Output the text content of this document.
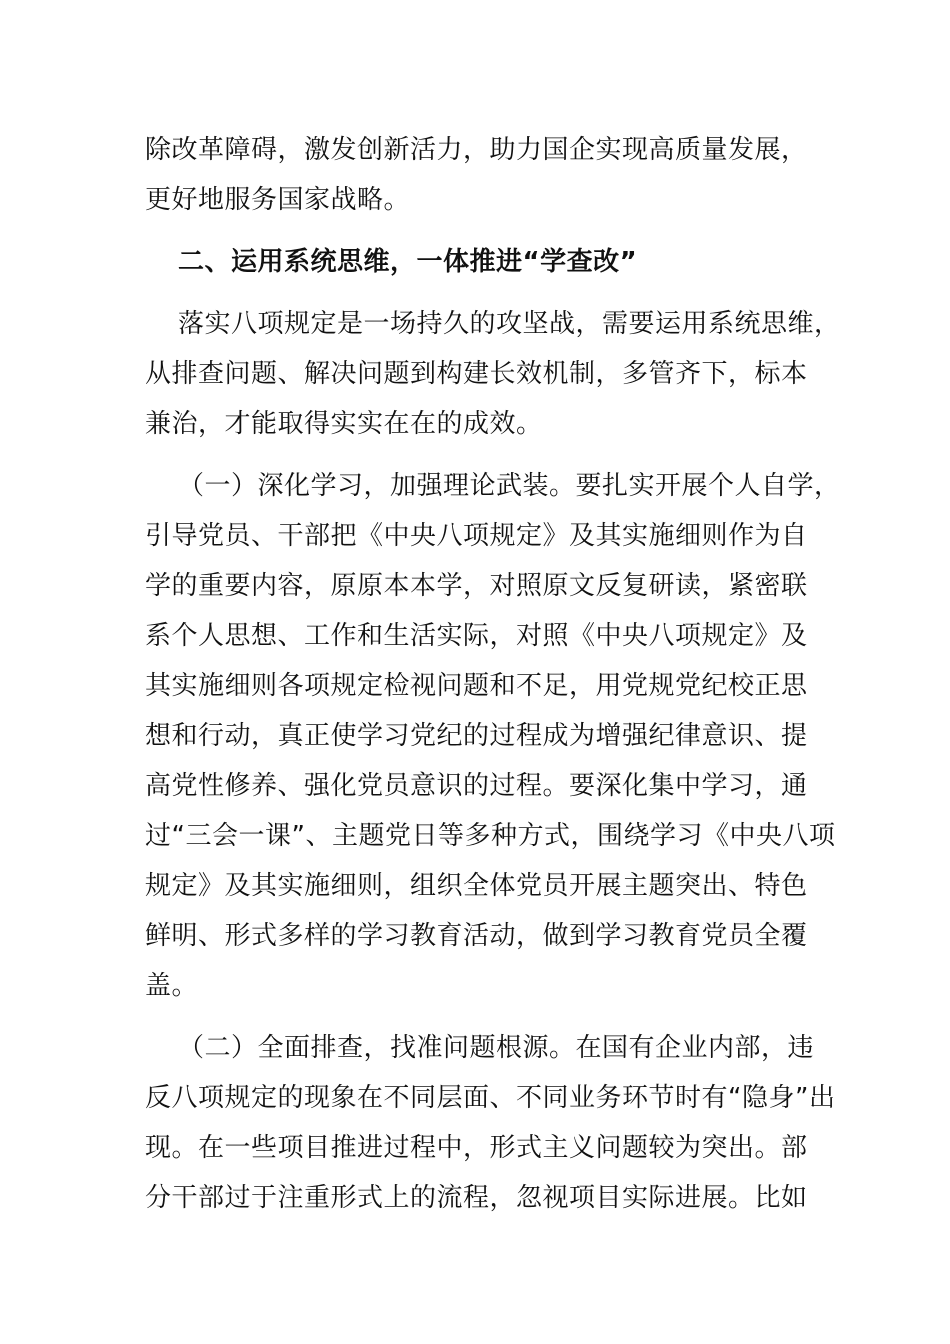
除改革障碍，激发创新活力，助力国企实现高质量发展，
更好地服务国家战略。
二、运用系统思维，一体推进“学查改”
落实八项规定是一场持久的攻坚战，需要运用系统思维，
从排查问题、解决问题到构建长效机制，多管齐下，标本
兼治，才能取得实实在在的成效。
（一）深化学习，加强理论武装。要扎实开展个人自学，
引导党员、干部把《中央八项规定》及其实施细则作为自
学的重要内容，原原本本学，对照原文反复研读，紧密联
系个人思想、工作和生活实际，对照《中央八项规定》及
其实施细则各项规定检视问题和不足，用党规党纪校正思
想和行动，真正使学习党纪的过程成为增强纪律意识、提
高党性修养、强化党员意识的过程。要深化集中学习，通
过“三会一课”、主题党日等多种方式，围绕学习《中央八项
规定》及其实施细则，组织全体党员开展主题突出、特色
鲜明、形式多样的学习教育活动，做到学习教育党员全覆
盖。
（二）全面排查，找准问题根源。在国有企业内部，违
反八项规定的现象在不同层面、不同业务环节时有“隐身”出
现。在一些项目推进过程中，形式主义问题较为突出。部
分干部过于注重形式上的流程，忽视项目实际进展。比如
